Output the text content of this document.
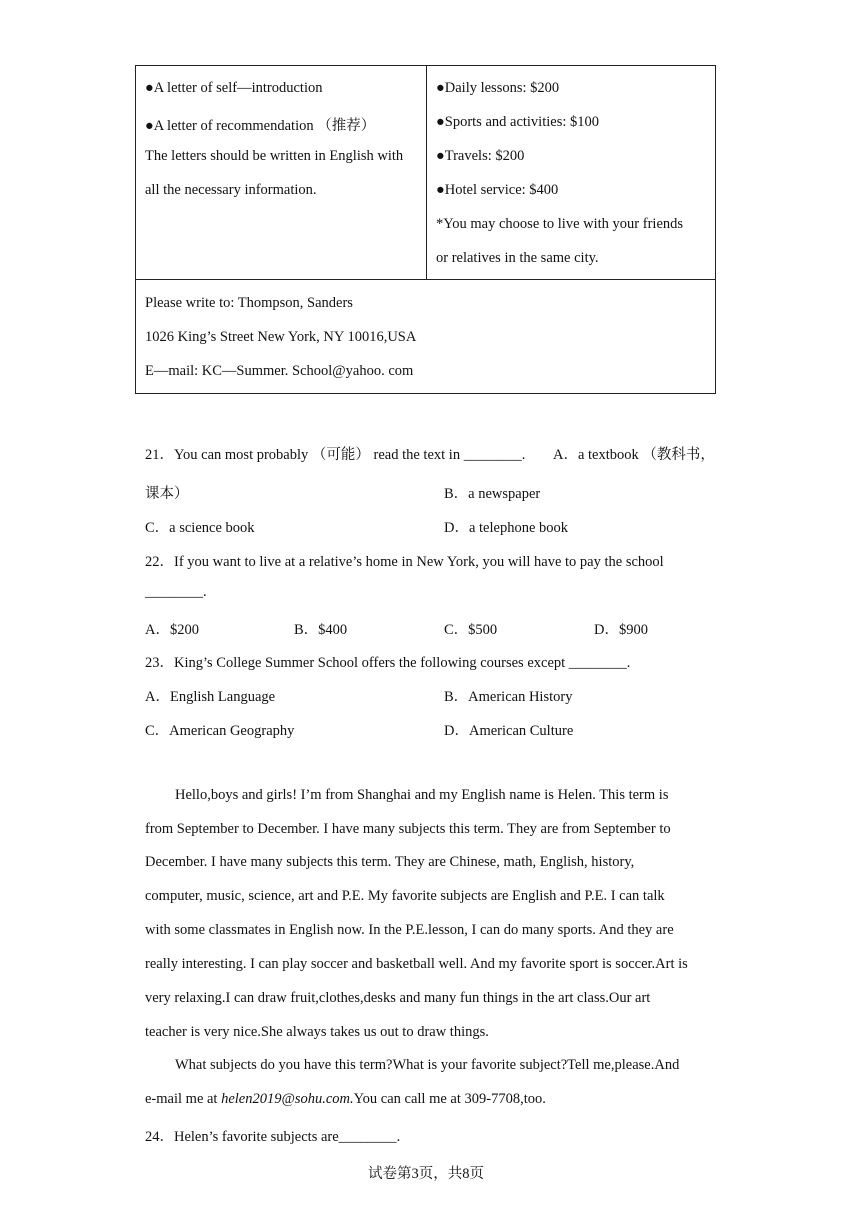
●A letter of self—introduction
●A letter of recommendation （推荐）
The letters should be written in English with
all the necessary information.
●Daily lessons: $200
●Sports and activities: $100
●Travels: $200
●Hotel service: $400
*You may choose to live with your friends
or relatives in the same city.
Please write to: Thompson, Sanders
1026 King’s Street New York, NY 10016,USA
E—mail: KC—Summer. School@yahoo. com
21．You can most probably （可能） read the text in ________. A．a textbook （教科书，
课本）	B．a newspaper
C．a science book	D．a telephone book
22．If you want to live at a relative’s home in New York, you will have to pay the school
________.
A．$200	B．$400	C．$500	D．$900
23．King’s College Summer School offers the following courses except ________.
A．English Language	B．American History
C．American Geography	D．American Culture
Hello,boys and girls! I’m from Shanghai and my English name is Helen. This term is
from September to December. I have many subjects this term. They are from September to
December. I have many subjects this term. They are Chinese, math, English, history,
computer, music, science, art and P.E. My favorite subjects are English and P.E. I can talk
with some classmates in English now. In the P.E.lesson, I can do many sports. And they are
really interesting. I can play soccer and basketball well. And my favorite sport is soccer.Art is
very relaxing.I can draw fruit,clothes,desks and many fun things in the art class.Our art
teacher is very nice.She always takes us out to draw things.
What subjects do you have this term?What is your favorite subject?Tell me,please.And
e-mail me at helen2019@sohu.com.You can call me at 309-7708,too.
24．Helen’s favorite subjects are________.
试卷第3页，共8页
